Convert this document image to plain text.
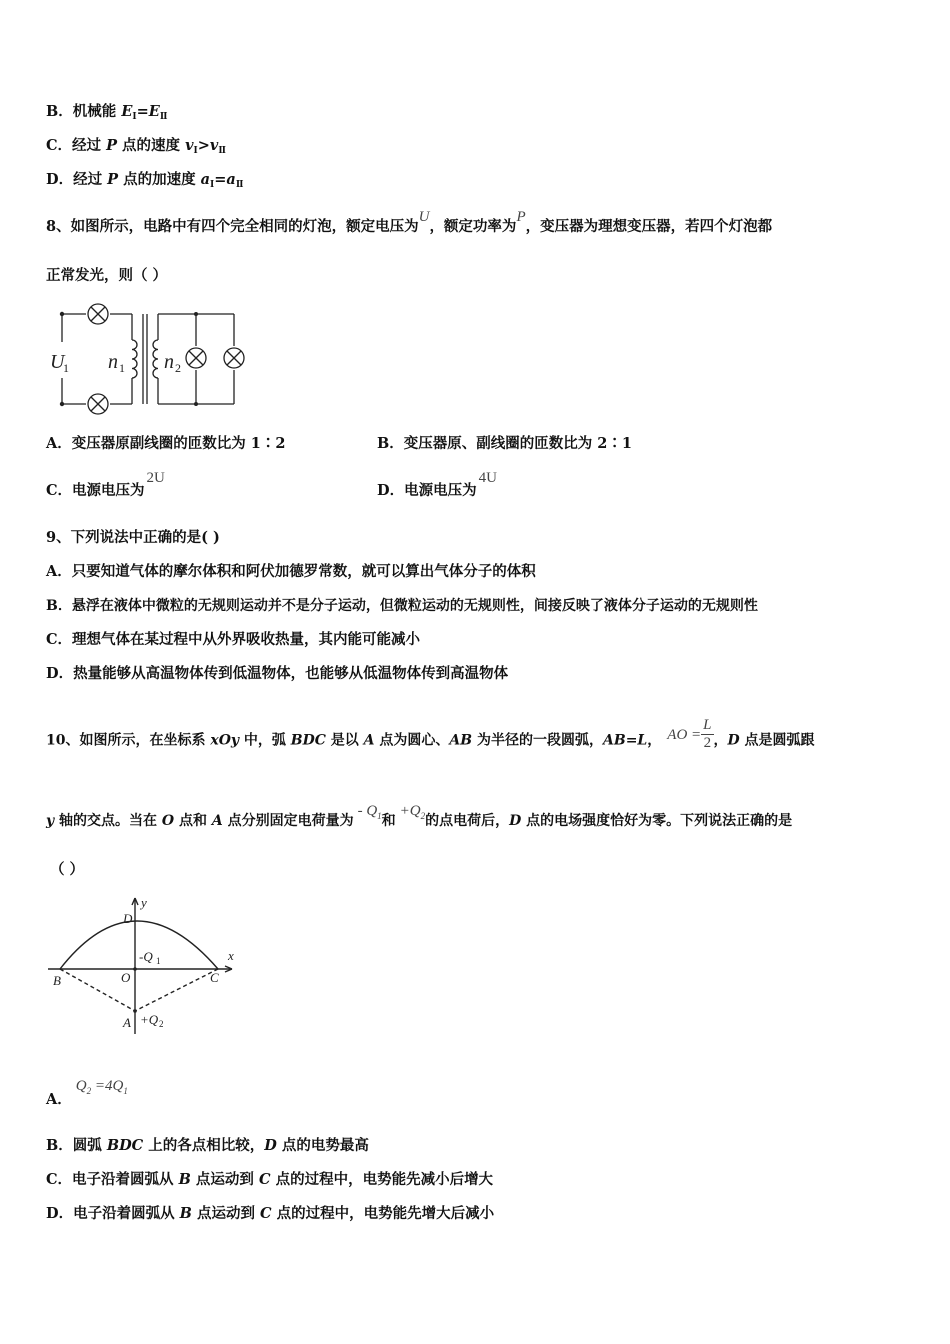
B．机械能 $E_Ⅰ=E_Ⅱ$
C．经过 P 点的速度 $v_Ⅰ>v_Ⅱ$
D．经过 P 点的加速度 $a_Ⅰ=a_Ⅱ$
8、如图所示，电路中有四个完全相同的灯泡，额定电压为U，额定功率为P，变压器为理想变压器，若四个灯泡都
正常发光，则（ ）
U
1 n 1 n 2
A．变压器原副线圈的匝数比为 1∶2	B．变压器原、副线圈的匝数比为 2∶1
C．电源电压为2U
D．电源电压为4U
9、下列说法中正确的是( )
A．只要知道气体的摩尔体积和阿伏加德罗常数，就可以算出气体分子的体积
B．悬浮在液体中微粒的无规则运动并不是分子运动，但微粒运动的无规则性，间接反映了液体分子运动的无规则性
C．理想气体在某过程中从外界吸收热量，其内能可能减小
D．热量能够从高温物体传到低温物体，也能够从低温物体传到高温物体
10、如图所示，在坐标系 xOy 中，弧 BDC 是以 A 点为圆心、AB 为半径的一段圆弧，AB=L， AO = $\frac{L}{2}$ ，D 点是圆弧跟
y 轴的交点。当在 O 点和 A 点分别固定电荷量为- $Q_1$和$+Q_2$的点电荷后，D 点的电场强度恰好为零。下列说法正确的是
（ ）
y
x
D
O
B	C
A
-Q 1
+Q 2
A．$Q_2 =4Q_1$
B．圆弧 BDC 上的各点相比较，D 点的电势最高
C．电子沿着圆弧从 B 点运动到 C 点的过程中，电势能先减小后增大
D．电子沿着圆弧从 B 点运动到 C 点的过程中，电势能先增大后减小
